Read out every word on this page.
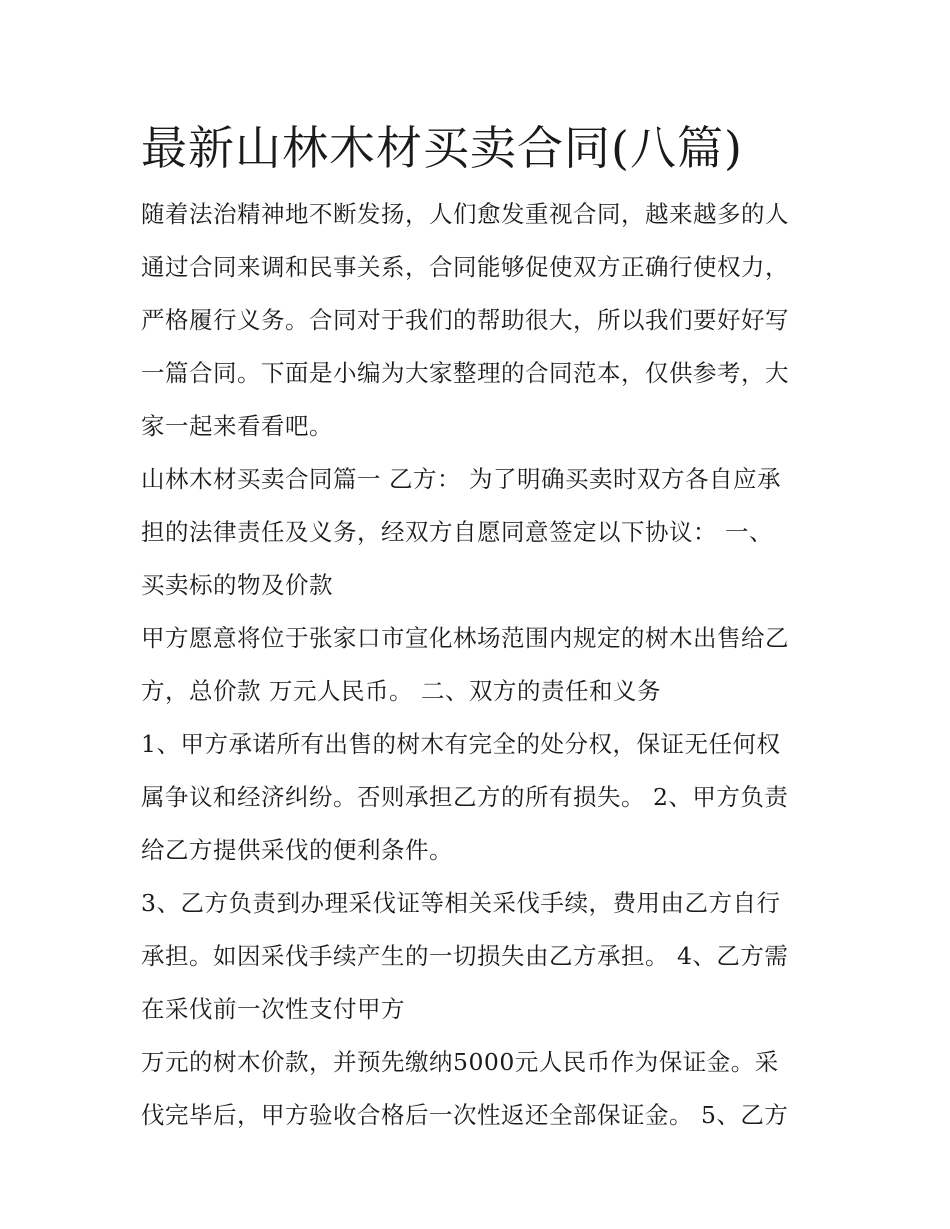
最新山林木材买卖合同(八篇)
随着法治精神地不断发扬，人们愈发重视合同，越来越多的人
通过合同来调和民事关系，合同能够促使双方正确行使权力，
严格履行义务。合同对于我们的帮助很大，所以我们要好好写
一篇合同。下面是小编为大家整理的合同范本，仅供参考，大
家一起来看看吧。
山林木材买卖合同篇一 乙方： 为了明确买卖时双方各自应承
担的法律责任及义务，经双方自愿同意签定以下协议： 一、
买卖标的物及价款
甲方愿意将位于张家口市宣化林场范围内规定的树木出售给乙
方，总价款 万元人民币。 二、双方的责任和义务
1、甲方承诺所有出售的树木有完全的处分权，保证无任何权
属争议和经济纠纷。否则承担乙方的所有损失。 2、甲方负责
给乙方提供采伐的便利条件。
3、乙方负责到办理采伐证等相关采伐手续，费用由乙方自行
承担。如因采伐手续产生的一切损失由乙方承担。 4、乙方需
在采伐前一次性支付甲方
万元的树木价款，并预先缴纳5000元人民币作为保证金。采
伐完毕后，甲方验收合格后一次性返还全部保证金。 5、乙方
